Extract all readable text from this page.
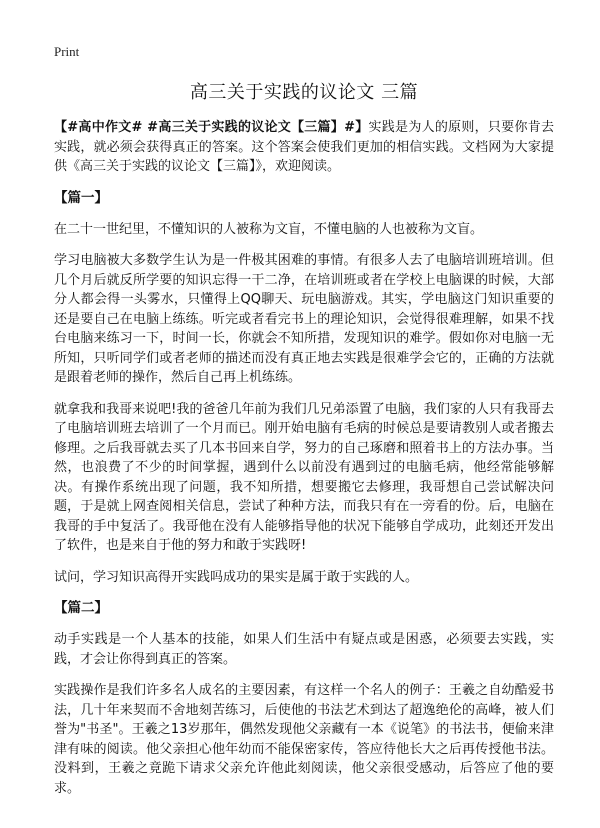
Print
高三关于实践的议论文 三篇

【#高中作文# #高三关于实践的议论文【三篇】#】实践是为人的原则，只要你肯去实践，就必须会获得真正的答案。这个答案会使我们更加的相信实践。文档网为大家提供《高三关于实践的议论文【三篇】》，欢迎阅读。

【篇一】

在二十一世纪里，不懂知识的人被称为文盲，不懂电脑的人也被称为文盲。

学习电脑被大多数学生认为是一件极其困难的事情。有很多人去了电脑培训班培训。但几个月后就反所学要的知识忘得一干二净，在培训班或者在学校上电脑课的时候，大部分人都会得一头雾水，只懂得上QQ聊天、玩电脑游戏。其实，学电脑这门知识重要的还是要自己在电脑上练练。听完或者看完书上的理论知识，会觉得很难理解，如果不找台电脑来练习一下，时间一长，你就会不知所措，发现知识的难学。假如你对电脑一无所知，只听同学们或者老师的描述而没有真正地去实践是很难学会它的，正确的方法就是跟着老师的操作，然后自己再上机练练。

就拿我和我哥来说吧!我的爸爸几年前为我们几兄弟添置了电脑，我们家的人只有我哥去了电脑培训班去培训了一个月而已。刚开始电脑有毛病的时候总是要请教别人或者搬去修理。之后我哥就去买了几本书回来自学，努力的自己琢磨和照着书上的方法办事。当然，也浪费了不少的时间掌握，遇到什么以前没有遇到过的电脑毛病，他经常能够解决。有操作系统出现了问题，我不知所措，想要搬它去修理，我哥想自己尝试解决问题，于是就上网查阅相关信息，尝试了种种方法，而我只有在一旁看的份。后，电脑在我哥的手中复活了。我哥他在没有人能够指导他的状况下能够自学成功，此刻还开发出了软件，也是来自于他的努力和敢于实践呀!

试问，学习知识高得开实践吗成功的果实是属于敢于实践的人。

【篇二】

动手实践是一个人基本的技能，如果人们生活中有疑点或是困惑，必须要去实践，实践，才会让你得到真正的答案。

实践操作是我们许多名人成名的主要因素，有这样一个名人的例子：王羲之自幼酷爱书法，几十年来契而不舍地刻苦练习，后使他的书法艺术到达了超逸绝伦的高峰，被人们誉为"书圣"。王羲之13岁那年，偶然发现他父亲藏有一本《说笔》的书法书，便偷来津津有味的阅读。他父亲担心他年幼而不能保密家传，答应待他长大之后再传授他书法。没料到，王羲之竟跪下请求父亲允许他此刻阅读，他父亲很受感动，后答应了他的要求。
